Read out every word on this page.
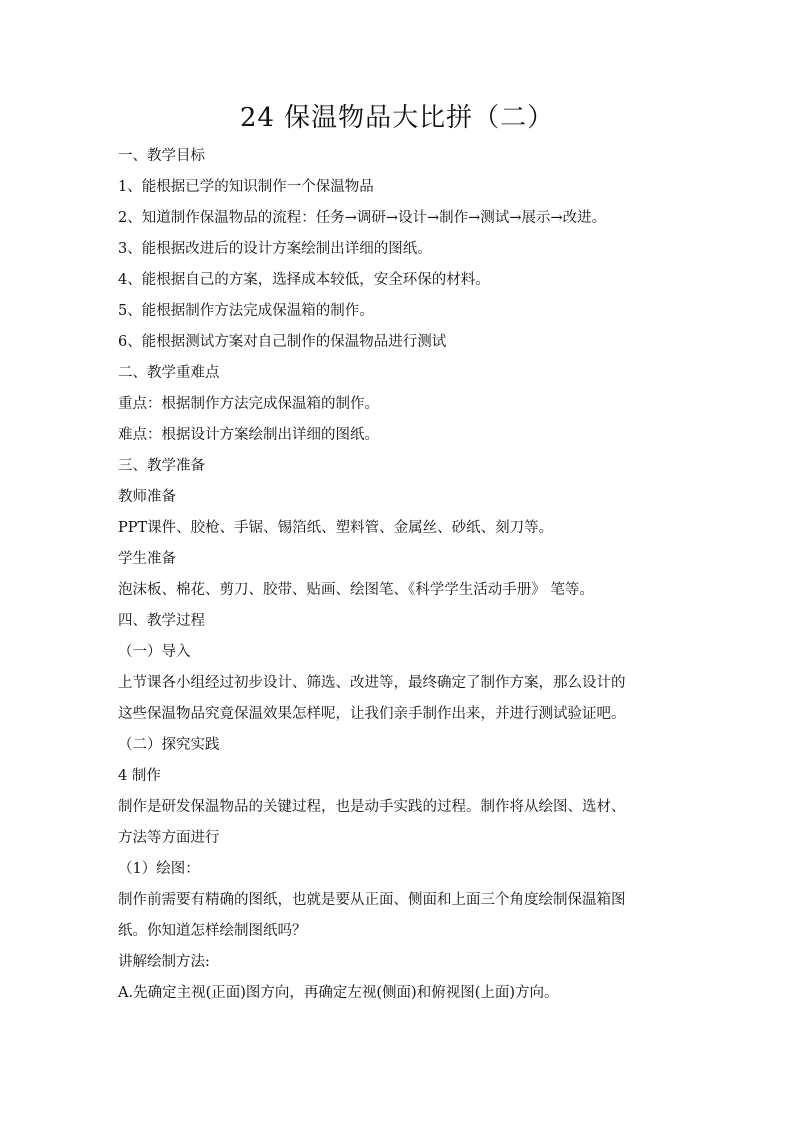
24 保温物品大比拼（二）
一、教学目标
1、能根据已学的知识制作一个保温物品
2、知道制作保温物品的流程：任务→调研→设计→制作→测试→展示→改进。
3、能根据改进后的设计方案绘制出详细的图纸。
4、能根据自己的方案，选择成本较低，安全环保的材料。
5、能根据制作方法完成保温箱的制作。
6、能根据测试方案对自己制作的保温物品进行测试
二、教学重难点
重点：根据制作方法完成保温箱的制作。
难点：根据设计方案绘制出详细的图纸。
三、教学准备
教师准备
PPT课件、胶枪、手锯、锡箔纸、塑料管、金属丝、砂纸、刻刀等。
学生准备
泡沫板、棉花、剪刀、胶带、贴画、绘图笔、《科学学生活动手册》 笔等。
四、教学过程
（一）导入
上节课各小组经过初步设计、筛选、改进等，最终确定了制作方案，那么设计的
这些保温物品究竟保温效果怎样呢，让我们亲手制作出来，并进行测试验证吧。
（二）探究实践
4 制作
制作是研发保温物品的关键过程，也是动手实践的过程。制作将从绘图、选材、
方法等方面进行
（1）绘图：
制作前需要有精确的图纸，也就是要从正面、侧面和上面三个角度绘制保温箱图
纸。你知道怎样绘制图纸吗？
讲解绘制方法:
A.先确定主视(正面)图方向，再确定左视(侧面)和俯视图(上面)方向。
